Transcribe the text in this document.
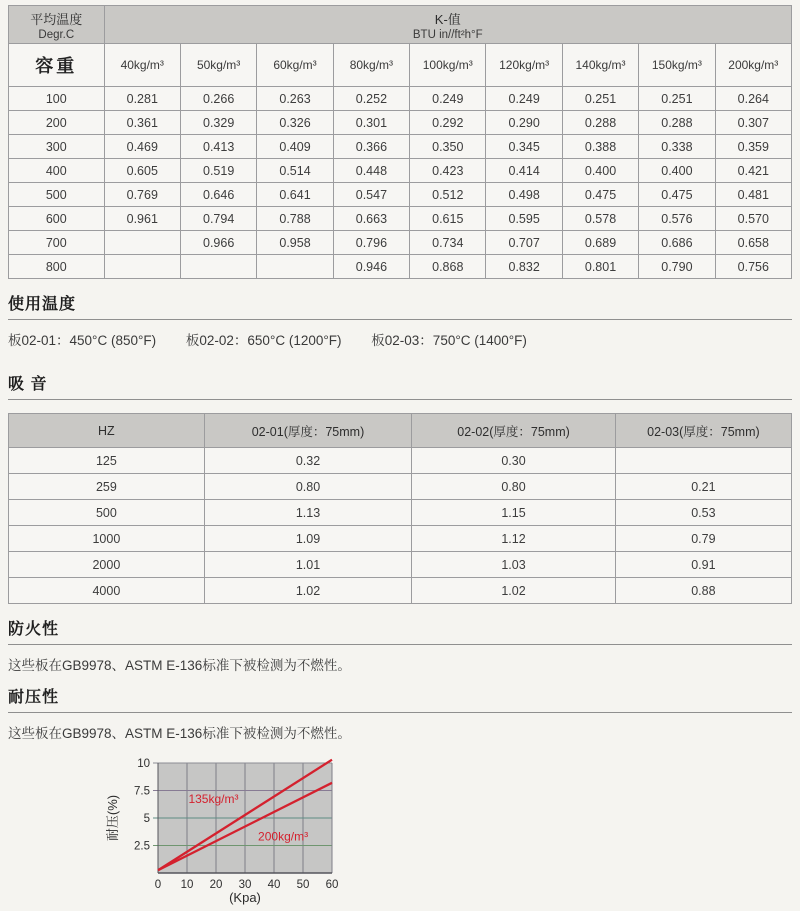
平均温度
Degr.C

K-值
BTU in//ft²h°F

容重	40kg/m³	50kg/m³	60kg/m³	80kg/m³	100kg/m³	120kg/m³	140kg/m³	150kg/m³	200kg/m³
100	0.281	0.266	0.263	0.252	0.249	0.249	0.251	0.251	0.264
200	0.361	0.329	0.326	0.301	0.292	0.290	0.288	0.288	0.307
300	0.469	0.413	0.409	0.366	0.350	0.345	0.388	0.338	0.359
400	0.605	0.519	0.514	0.448	0.423	0.414	0.400	0.400	0.421
500	0.769	0.646	0.641	0.547	0.512	0.498	0.475	0.475	0.481
600	0.961	0.794	0.788	0.663	0.615	0.595	0.578	0.576	0.570
700		0.966	0.958	0.796	0.734	0.707	0.689	0.686	0.658
800				0.946	0.868	0.832	0.801	0.790	0.756
使用温度
板02-01：450°C (850°F) 板02-02：650°C (1200°F) 板02-03：750°C (1400°F)
吸 音
HZ	02-01(厚度：75mm)	02-02(厚度：75mm)	02-03(厚度：75mm)
125	0.32	0.30	
259	0.80	0.80	0.21
500	1.13	1.15	0.53
1000	1.09	1.12	0.79
2000	1.01	1.03	0.91
4000	1.02	1.02	0.88
防火性
这些板在GB9978、ASTM E-136标准下被检测为不燃性。
耐压性
这些板在GB9978、ASTM E-136标准下被检测为不燃性。
0 10 20 30 40 50 60
2.5
5
7.5
10
135kg/m³
200kg/m³
(Kpa)
耐压(%)
